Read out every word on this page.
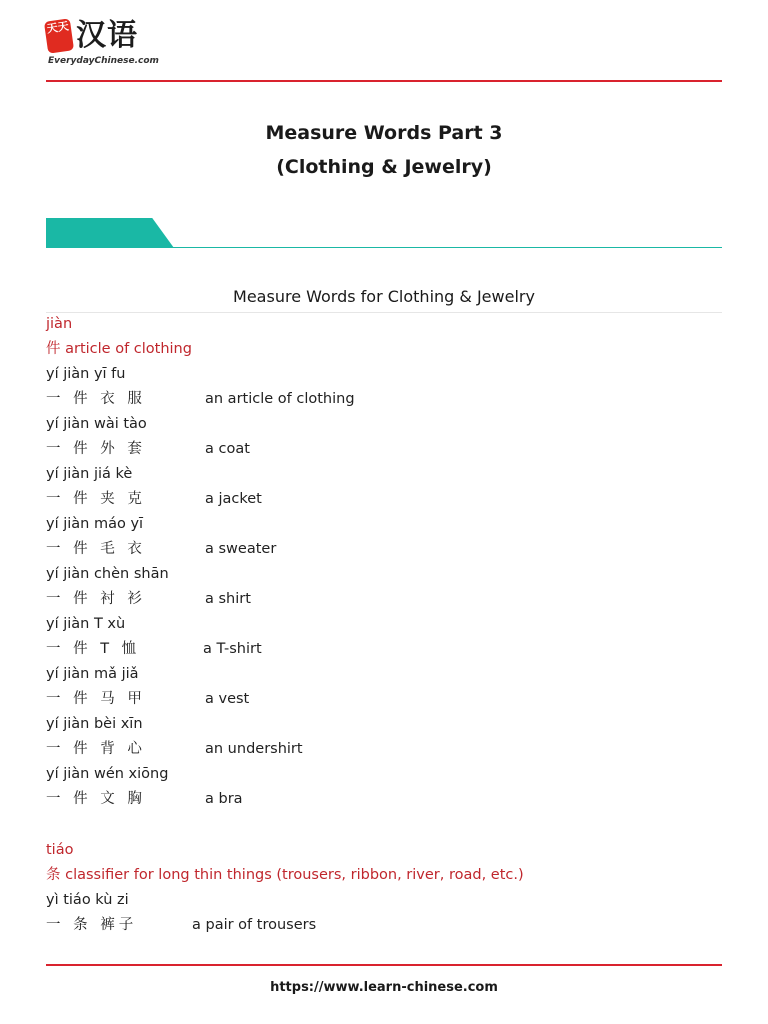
天天 汉语
EverydayChinese.com
Measure Words Part 3
(Clothing & Jewelry)
Measure Words for Clothing & Jewelry
jiàn
件 article of clothing
yí jiàn yī fu
一 件 衣 服	an article of clothing
yí jiàn wài tào
一 件 外 套	a coat
yí jiàn jiá kè
一 件 夹 克	a jacket
yí jiàn máo yī
一 件 毛 衣	a sweater
yí jiàn chèn shān
一 件 衬 衫	a shirt
yí jiàn T xù
一 件 T 恤	a T-shirt
yí jiàn mǎ jiǎ
一 件 马 甲	a vest
yí jiàn bèi xīn
一 件 背 心	an undershirt
yí jiàn wén xiōng
一 件 文 胸	a bra
tiáo
条 classifier for long thin things (trousers, ribbon, river, road, etc.)
yì tiáo kù zi
一 条 裤子	a pair of trousers
https://www.learn-chinese.com
